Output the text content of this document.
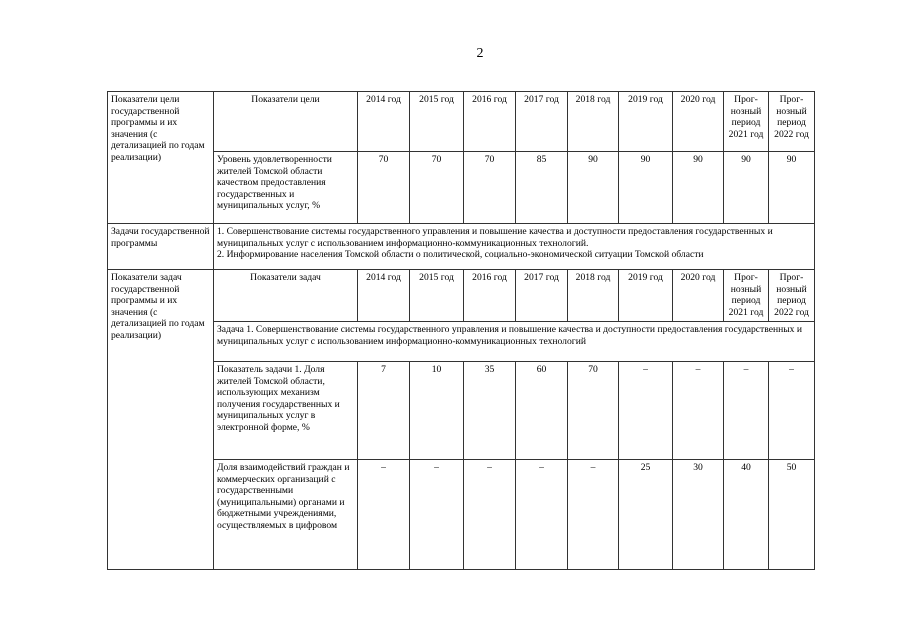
2
Показатели цели государственной программы и их значения (с детализацией по годам реализации)	Показатели цели	2014 год	2015 год	2016 год	2017 год	2018 год	2019 год	2020 год	Прог-нозный период 2021 год	Прог-нозный период 2022 год
	Уровень удовлетворенности жителей Томской области качеством предоставления государственных и муниципальных услуг, %	70	70	70	85	90	90	90	90	90
Задачи государственной программы	1. Совершенствование системы государственного управления и повышение качества и доступности предоставления государственных и муниципальных услуг с использованием информационно-коммуникационных технологий.
2. Информирование населения Томской области о политической, социально-экономической ситуации Томской области									

Показатели задач государственной программы и их значения (с детализацией по годам реализации)	Показатели задач	2014 год	2015 год	2016 год	2017 год	2018 год	2019 год	2020 год	Прог-нозный период 2021 год	Прог-нозный период 2022 год
	Задача 1. Совершенствование системы государственного управления и повышение качества и доступности предоставления государственных и муниципальных услуг с использованием информационно-коммуникационных технологий									
	Показатель задачи 1. Доля жителей Томской области, использующих механизм получения государственных и муниципальных услуг в электронной форме, %	7	10	35	60	70	–	–	–	–
	Доля взаимодействий граждан и коммерческих организаций с государственными (муниципальными) органами и бюджетными учреждениями, осуществляемых в цифровом	–	–	–	–	–	25	30	40	50
